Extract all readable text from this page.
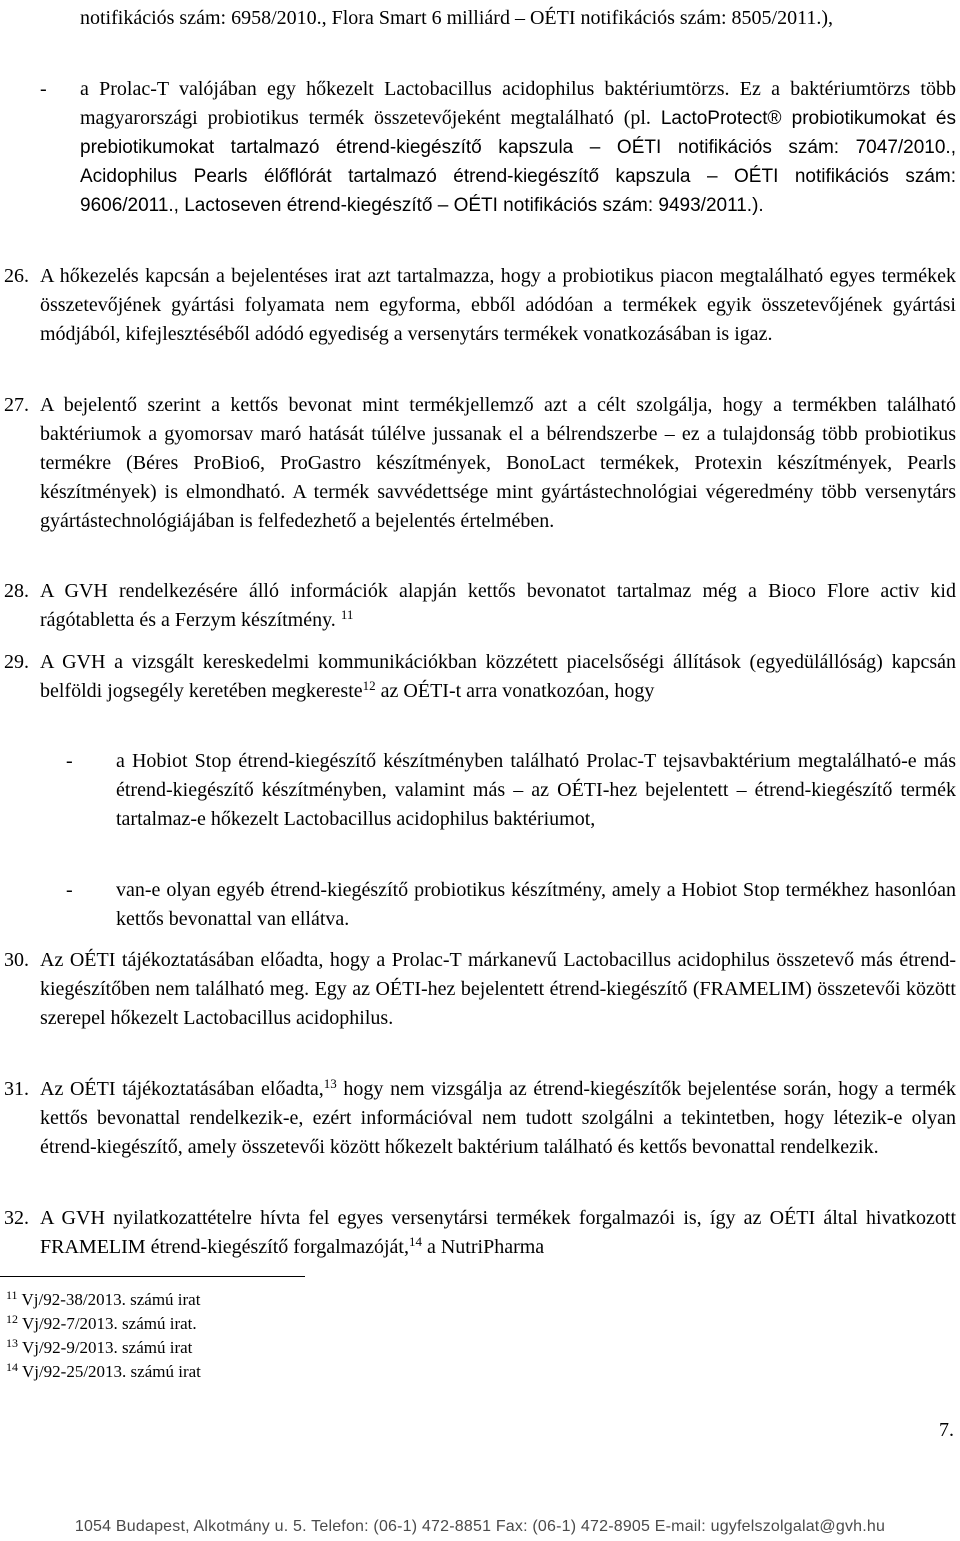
notifikációs szám: 6958/2010., Flora Smart 6 milliárd – OÉTI notifikációs szám: 8505/2011.),
-	a Prolac-T valójában egy hőkezelt Lactobacillus acidophilus baktériumtörzs. Ez a baktériumtörzs több magyarországi probiotikus termék összetevőjeként megtalálható (pl. LactoProtect® probiotikumokat és prebiotikumokat tartalmazó étrend-kiegészítő kapszula – OÉTI notifikációs szám: 7047/2010., Acidophilus Pearls élőflórát tartalmazó étrend-kiegészítő kapszula – OÉTI notifikációs szám: 9606/2011., Lactoseven étrend-kiegészítő – OÉTI notifikációs szám: 9493/2011.).
26. A hőkezelés kapcsán a bejelentéses irat azt tartalmazza, hogy a probiotikus piacon megtalálható egyes termékek összetevőjének gyártási folyamata nem egyforma, ebből adódóan a termékek egyik összetevőjének gyártási módjából, kifejlesztéséből adódó egyediség a versenytárs termékek vonatkozásában is igaz.
27. A bejelentő szerint a kettős bevonat mint termékjellemző azt a célt szolgálja, hogy a termékben található baktériumok a gyomorsav maró hatását túlélve jussanak el a bélrendszerbe – ez a tulajdonság több probiotikus termékre (Béres ProBio6, ProGastro készítmények, BonoLact termékek, Protexin készítmények, Pearls készítmények) is elmondható. A termék savvédettsége mint gyártástechnológiai végeredmény több versenytárs gyártástechnológiájában is felfedezhető a bejelentés értelmében.
28. A GVH rendelkezésére álló információk alapján kettős bevonatot tartalmaz még a Bioco Flore activ kid rágótabletta és a Ferzym készítmény. $^{11}$
29. A GVH a vizsgált kereskedelmi kommunikációkban közzétett piacelsőségi állítások (egyedülállóság) kapcsán belföldi jogsegély keretében megkereste$^{12}$ az OÉTI-t arra vonatkozóan, hogy
- a Hobiot Stop étrend-kiegészítő készítményben található Prolac-T tejsavbaktérium megtalálható-e más étrend-kiegészítő készítményben, valamint más – az OÉTI-hez bejelentett – étrend-kiegészítő termék tartalmaz-e hőkezelt Lactobacillus acidophilus baktériumot,
- van-e olyan egyéb étrend-kiegészítő probiotikus készítmény, amely a Hobiot Stop termékhez hasonlóan kettős bevonattal van ellátva.
30. Az OÉTI tájékoztatásában előadta, hogy a Prolac-T márkanevű Lactobacillus acidophilus összetevő más étrend-kiegészítőben nem található meg. Egy az OÉTI-hez bejelentett étrend-kiegészítő (FRAMELIM) összetevői között szerepel hőkezelt Lactobacillus acidophilus.
31. Az OÉTI tájékoztatásában előadta,$^{13}$ hogy nem vizsgálja az étrend-kiegészítők bejelentése során, hogy a termék kettős bevonattal rendelkezik-e, ezért információval nem tudott szolgálni a tekintetben, hogy létezik-e olyan étrend-kiegészítő, amely összetevői között hőkezelt baktérium található és kettős bevonattal rendelkezik.
32. A GVH nyilatkozattételre hívta fel egyes versenytársi termékek forgalmazói is, így az OÉTI által hivatkozott FRAMELIM étrend-kiegészítő forgalmazóját,$^{14}$ a NutriPharma
$^{11}$ Vj/92-38/2013. számú irat
$^{12}$ Vj/92-7/2013. számú irat.
$^{13}$ Vj/92-9/2013. számú irat
$^{14}$ Vj/92-25/2013. számú irat
7.
1054 Budapest, Alkotmány u. 5. Telefon: (06-1) 472-8851 Fax: (06-1) 472-8905 E-mail: ugyfelszolgalat@gvh.hu
